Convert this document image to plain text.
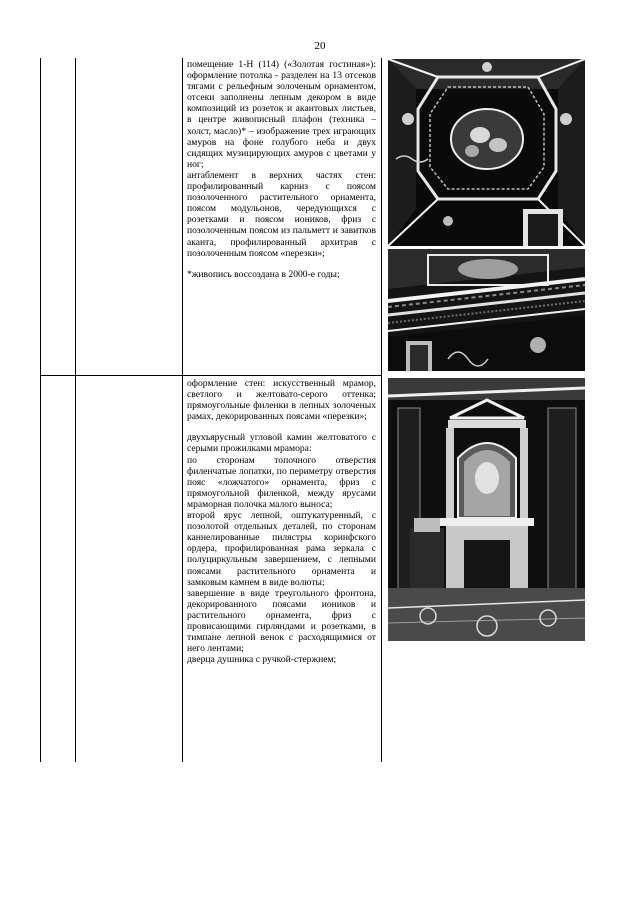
20

помещение 1-Н (114) («Золотая гостиная»): оформление потолка - разделен на 13 отсеков тягами с рельефным золоченым орнаментом, отсеки заполнены лепным декором в виде композиций из розеток и акантовых листьев, в центре живописный плафон (техника – холст, масло)* – изображение трех играющих амуров на фоне голубого неба и двух сидящих музицирующих амуров с цветами у ног;

антаблемент в верхних частях стен: профилированный карниз с поясом позолоченного растительного орнамента, поясом модульонов, чередующихся с розетками и поясом иоников, фриз с позолоченным поясом из пальметт и завитков аканта, профилированный архитрав с позолоченным поясом «перезки»;

*живопись воссоздана в 2000-е годы;

оформление стен: искусственный мрамор, светлого и желтовато-серого оттенка; прямоугольные филенки в лепных золоченых рамах, декорированных поясами «перезки»;

двухъярусный угловой камин желтоватого с серыми прожилками мрамора:

по сторонам топочного отверстия филенчатые лопатки, по периметру отверстия пояс «ложчатого» орнамента, фриз с прямоугольной филенкой, между ярусами мраморная полочка малого выноса;

второй ярус лепной, оштукатуренный, с позолотой отдельных деталей, по сторонам каннелированные пилястры коринфского ордера, профилированная рама зеркала с полуциркульным завершением, с лепными поясами растительного орнамента и замковым камнем в виде волюты;

завершение в виде треугольного фронтона, декорированного поясами иоников и растительного орнамента, фриз с провисающими гирляндами и розетками, в тимпане лепной венок с расходящимися от него лентами;

дверца душника с ручкой-стержнем;
